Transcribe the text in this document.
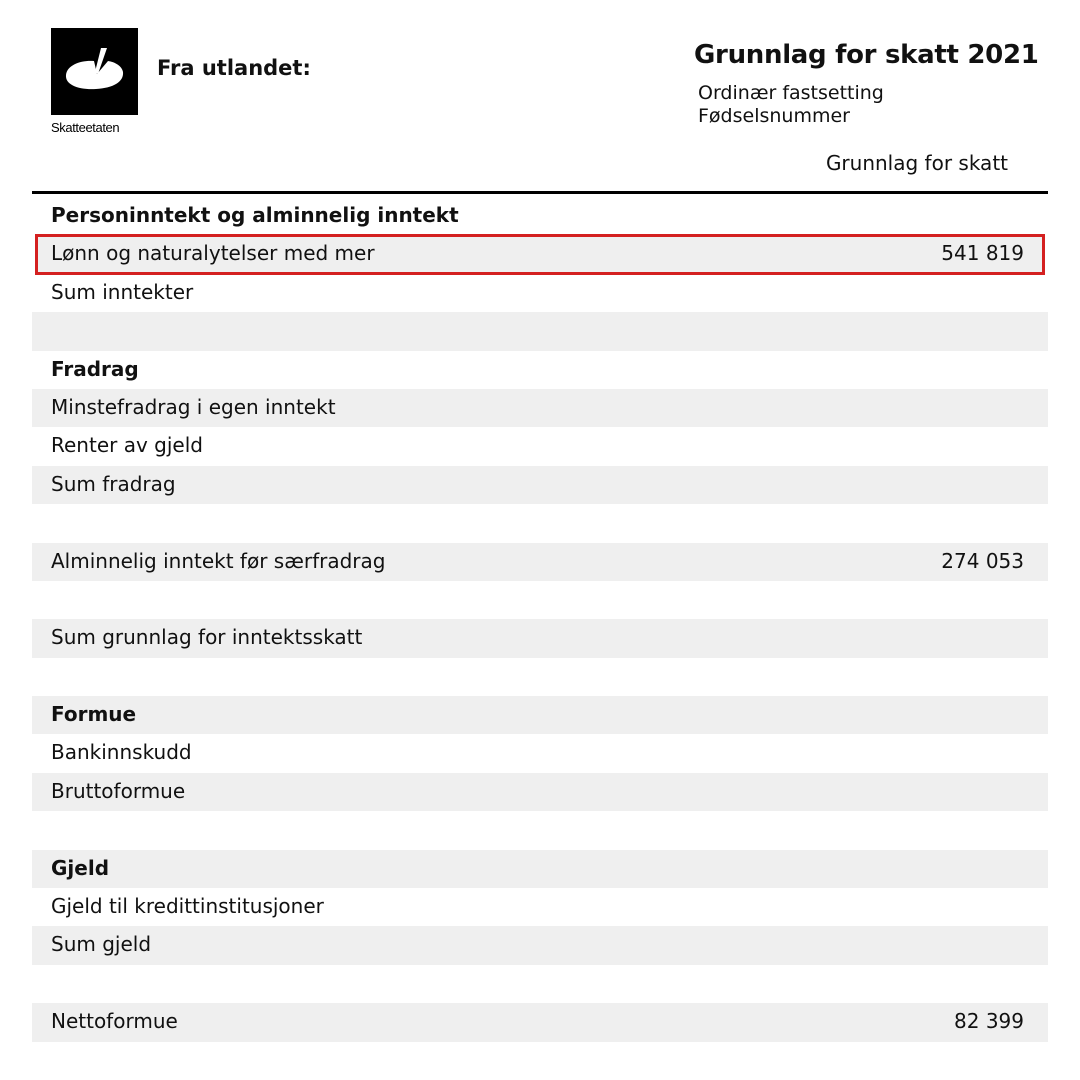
Skatteetaten
Fra utlandet:	Grunnlag for skatt 2021
Ordinær fastsetting
Fødselsnummer
Grunnlag for skatt
Personinntekt og alminnelig inntekt
Lønn og naturalytelser med mer	541 819
Sum inntekter
Fradrag
Minstefradrag i egen inntekt
Renter av gjeld
Sum fradrag
Alminnelig inntekt før særfradrag	274 053
Sum grunnlag for inntektsskatt
Formue
Bankinnskudd
Bruttoformue
Gjeld
Gjeld til kredittinstitusjoner
Sum gjeld
Nettoformue	82 399
